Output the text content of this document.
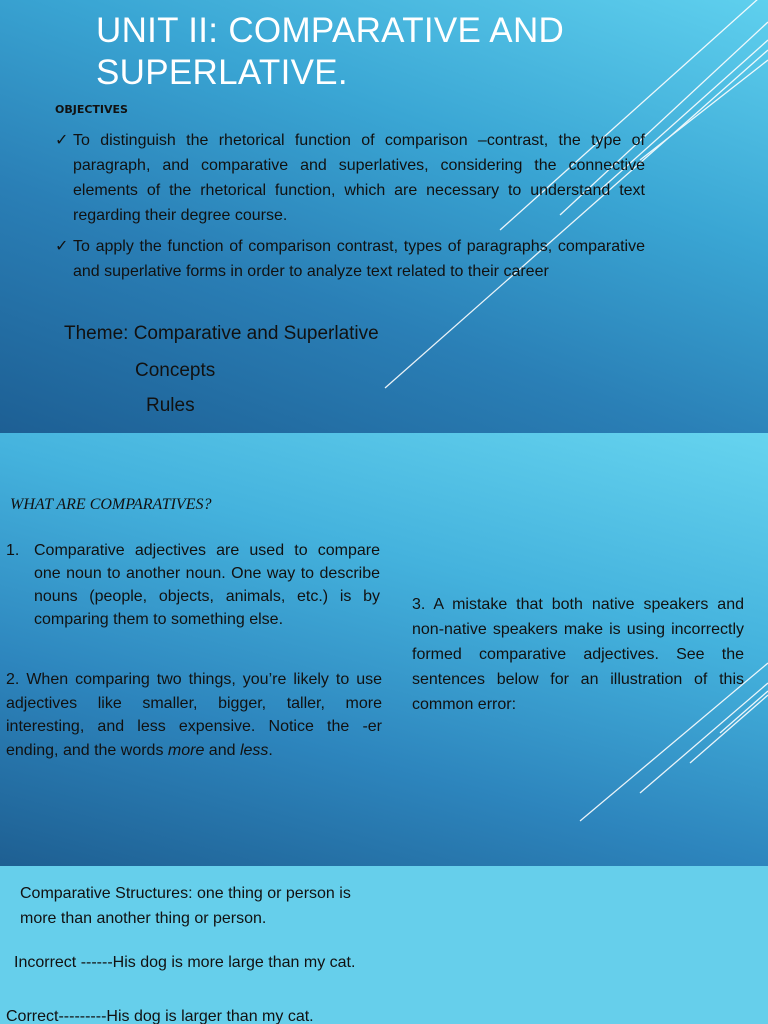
UNIT II: COMPARATIVE AND
SUPERLATIVE.
OBJECTIVES
✓ To distinguish the rhetorical function of comparison –contrast, the type of paragraph, and comparative and superlatives, considering the connective elements of the rhetorical function, which are necessary to understand text regarding their degree course.
✓ To apply the function of comparison contrast, types of paragraphs, comparative and superlative forms in order to analyze text related to their career
Theme: Comparative and Superlative
Concepts
Rules
WHAT ARE COMPARATIVES?
1. Comparative adjectives are used to compare one noun to another noun. One way to describe nouns (people, objects, animals, etc.) is by comparing them to something else.
2. When comparing two things, you’re likely to use adjectives like smaller, bigger, taller, more interesting, and less expensive. Notice the -er ending, and the words more and less.
3. A mistake that both native speakers and non-native speakers make is using incorrectly formed comparative adjectives. See the sentences below for an illustration of this common error:
Comparative Structures: one thing or person is more than another thing or person.
Incorrect ------His dog is more large than my cat.
Correct---------His dog is larger than my cat.
